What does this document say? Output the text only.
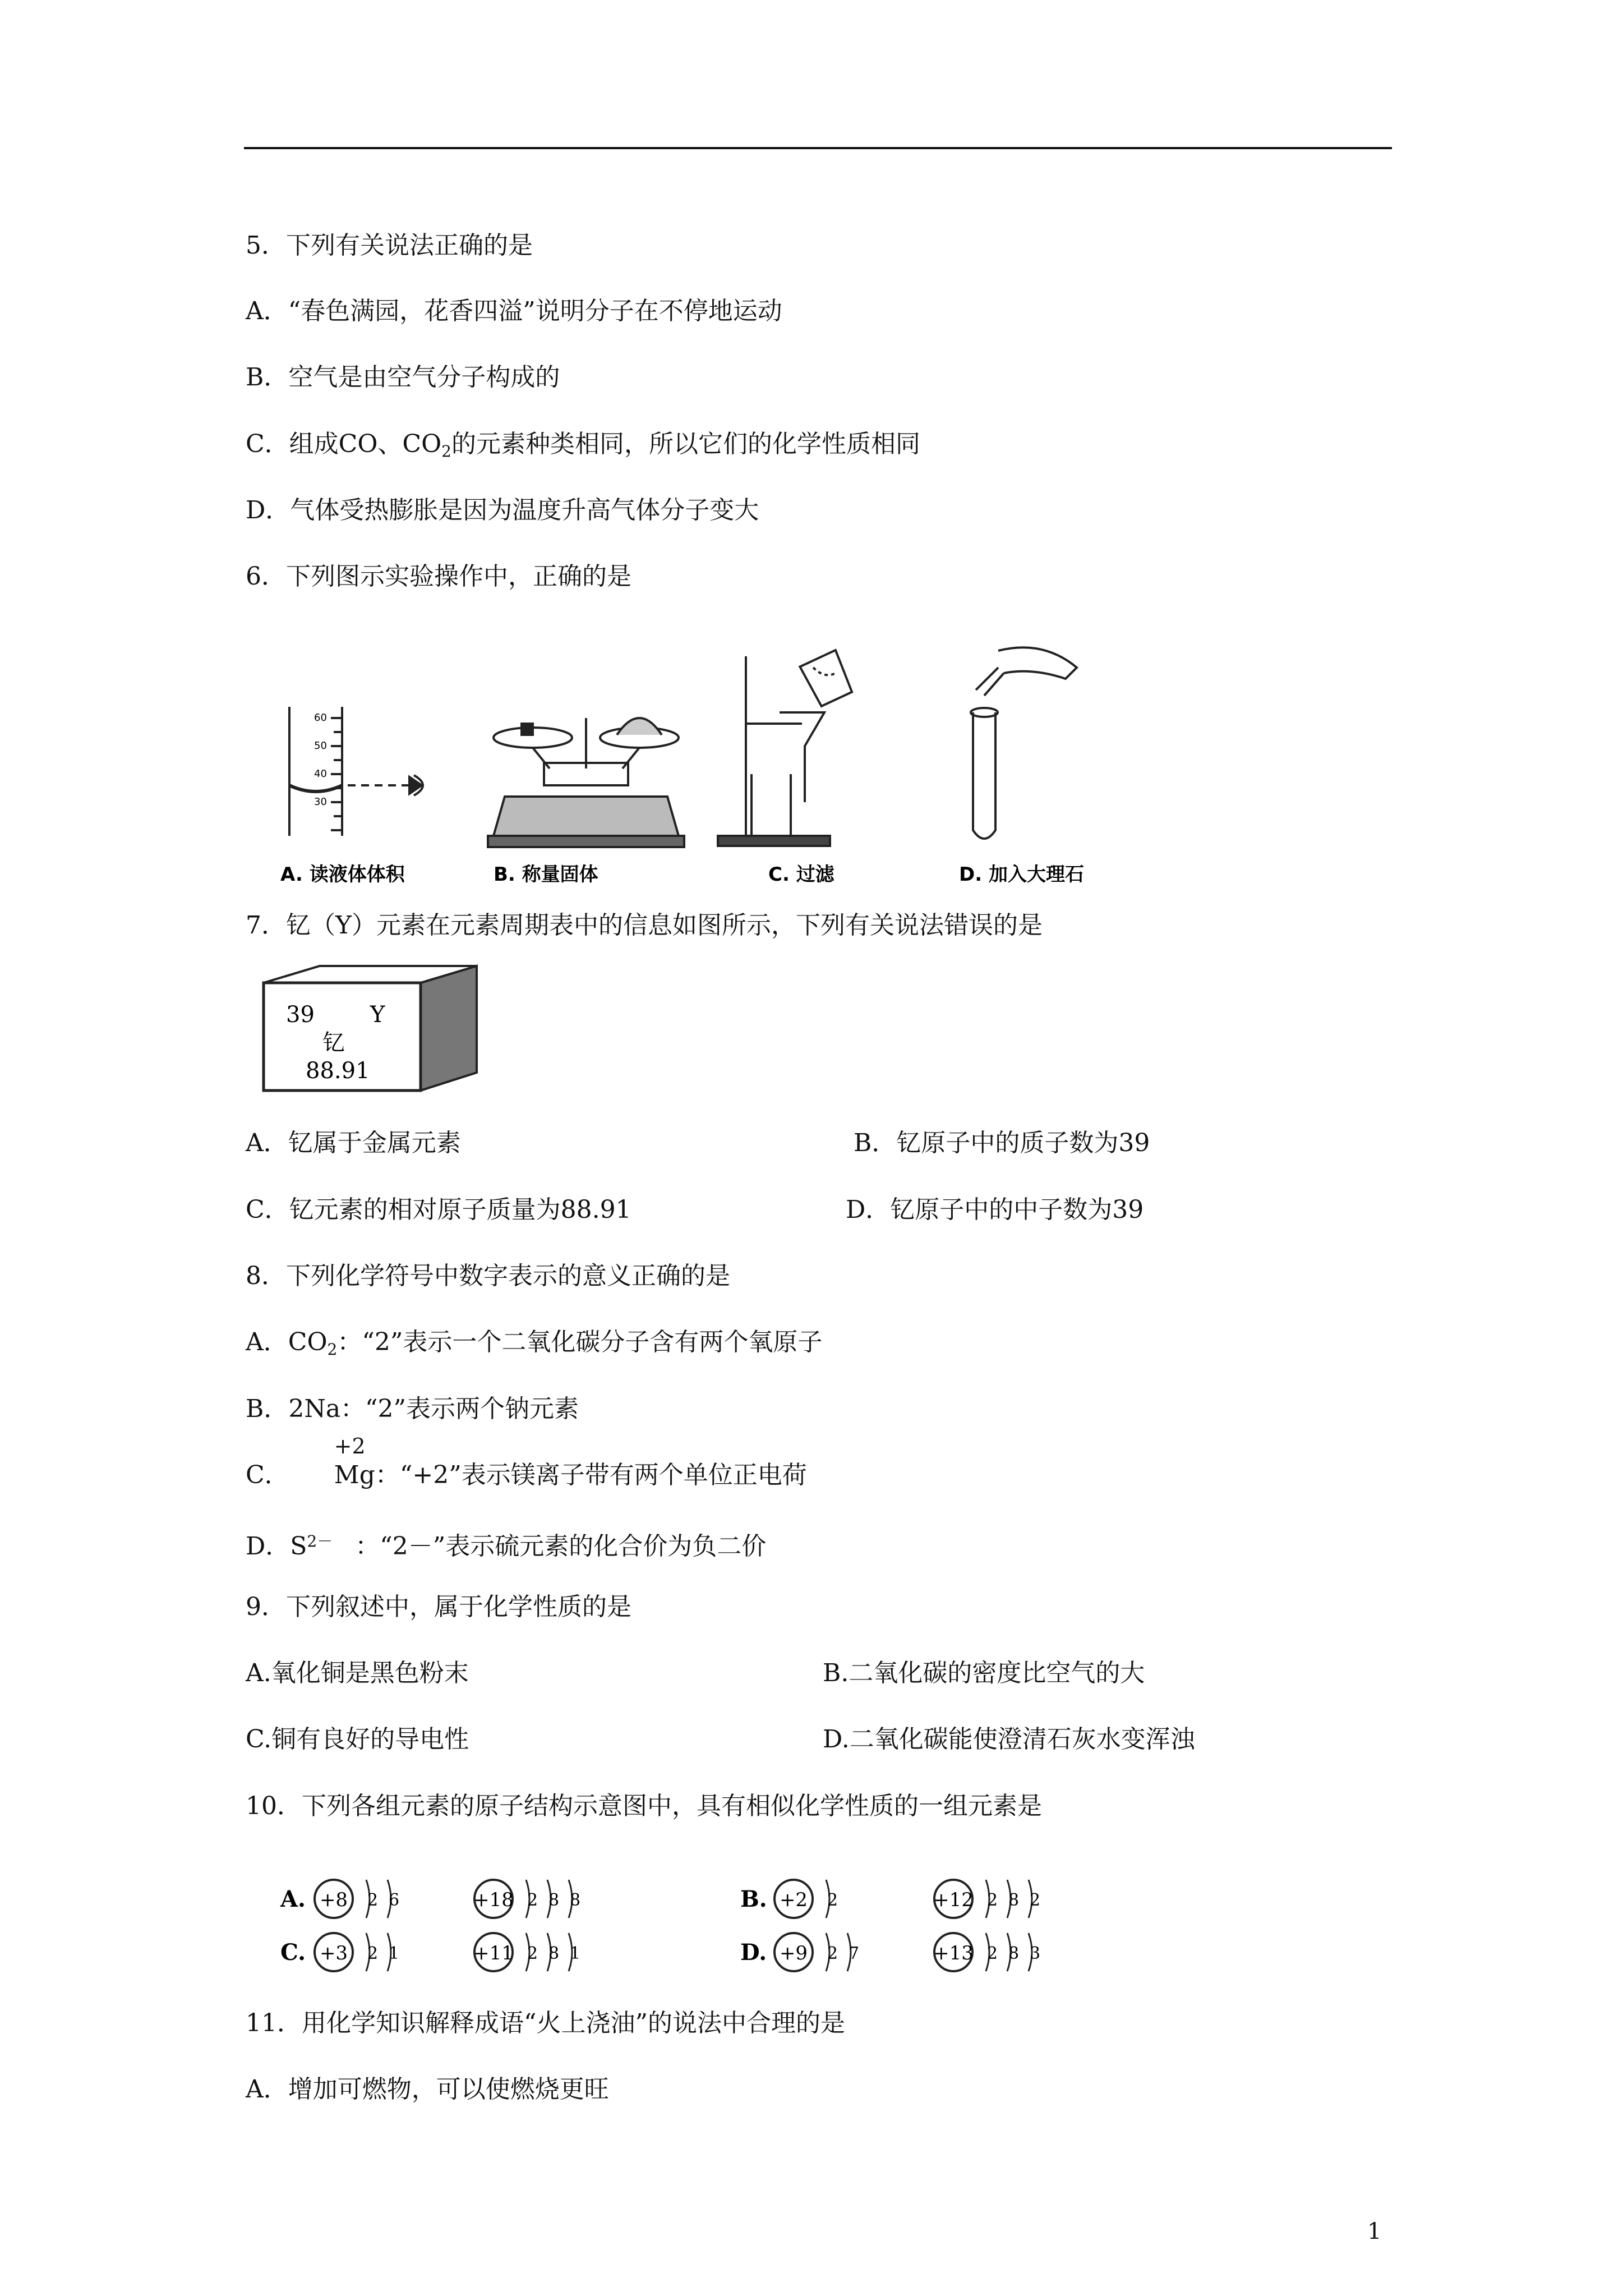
5．下列有关说法正确的是
A．“春色满园，花香四溢”说明分子在不停地运动
B．空气是由空气分子构成的
C．组成CO、$CO_2$的元素种类相同，所以它们的化学性质相同
D．气体受热膨胀是因为温度升高气体分子变大
6．下列图示实验操作中，正确的是
60
50
40
30
A. 读液体体积	B. 称量固体	C. 过滤	D. 加入大理石
7．钇（Y）元素在元素周期表中的信息如图所示，下列有关说法错误的是
39 Y
钇
88.91
A．钇属于金属元素	B．钇原子中的质子数为39
C．钇元素的相对原子质量为88.91	D．钇原子中的中子数为39
8．下列化学符号中数字表示的意义正确的是
A．$CO_2$：“2”表示一个二氧化碳分子含有两个氧原子
B．2Na：“2”表示两个钠元素
C．
+2
Mg：“+2”表示镁离子带有两个单位正电荷
D．$S^{2-}$ ：“2－”表示硫元素的化合价为负二价
9．下列叙述中，属于化学性质的是
A.氧化铜是黑色粉末	B.二氧化碳的密度比空气的大
C.铜有良好的导电性	D.二氧化碳能使澄清石灰水变浑浊
10．下列各组元素的原子结构示意图中，具有相似化学性质的一组元素是
A. +8 2 6	+18 2 8 8	B. +2 2	+12 2 8 2
C. +3 2 1	+11 2 8 1	D. +9 2 7	+13 2 8 3
11．用化学知识解释成语“火上浇油”的说法中合理的是
A．增加可燃物，可以使燃烧更旺
1
